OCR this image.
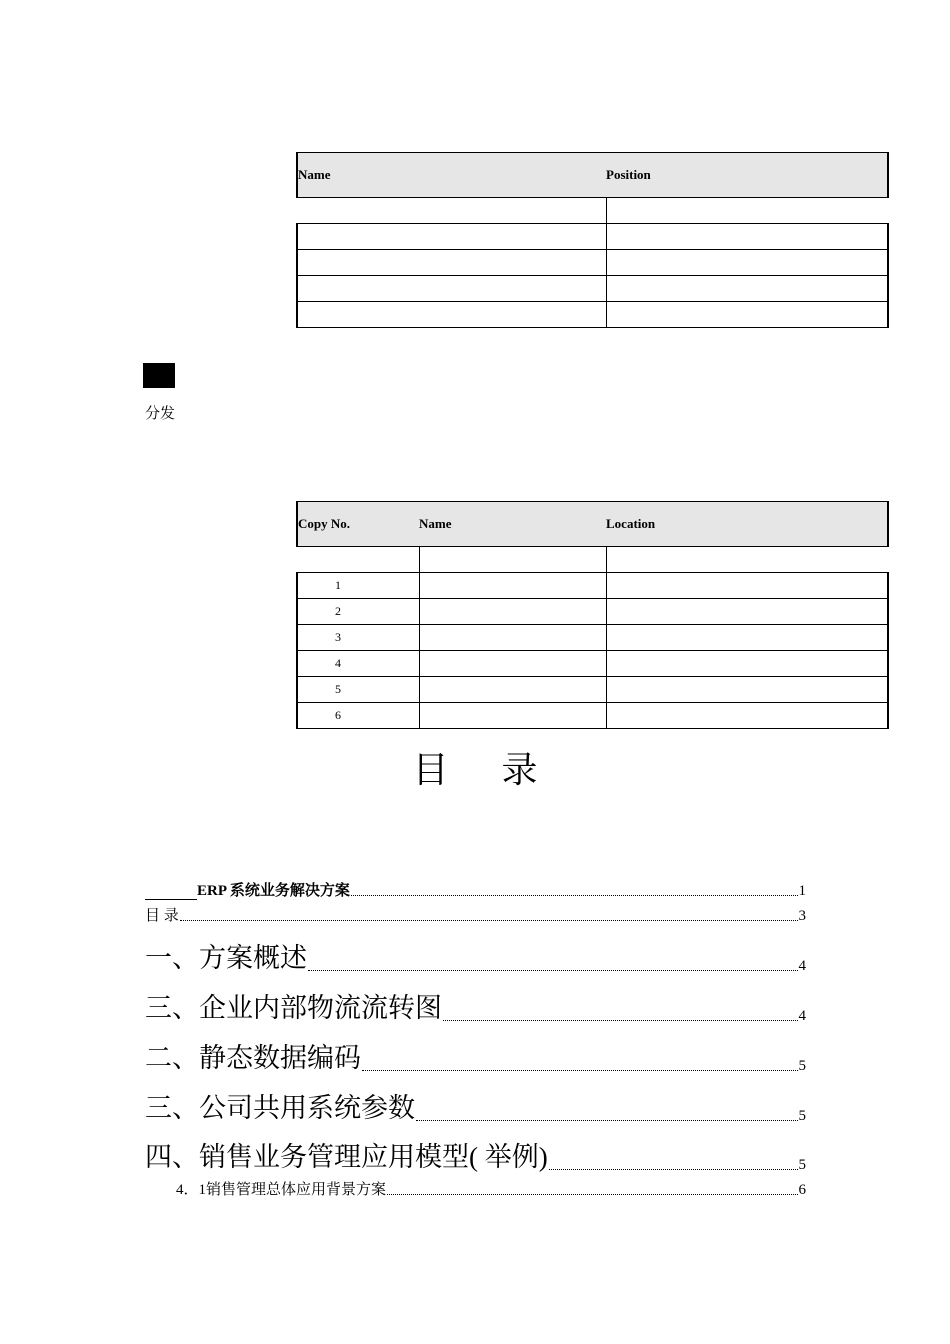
Name	Position

分发
Copy No.	Name	Location

1		
2		
3		
4		
5		
6		
目 录
ERP 系统业务解决方案	1
目 录	3
一、方案概述	4
三、企业内部物流流转图	4
二、静态数据编码	5
三、公司共用系统参数	5
四、销售业务管理应用模型( 举例)	5
4．1销售管理总体应用背景方案	6
